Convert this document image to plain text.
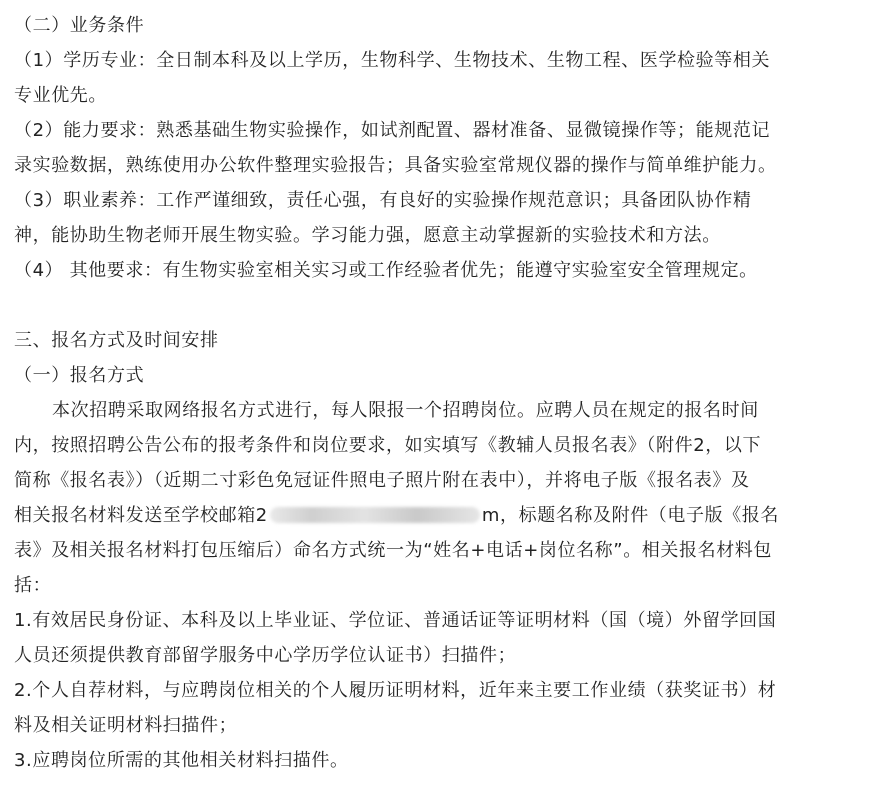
（二）业务条件
（1）学历专业：全日制本科及以上学历，生物科学、生物技术、生物工程、医学检验等相关
专业优先。
（2）能力要求：熟悉基础生物实验操作，如试剂配置、器材准备、显微镜操作等；能规范记
录实验数据，熟练使用办公软件整理实验报告；具备实验室常规仪器的操作与简单维护能力。
（3）职业素养：工作严谨细致，责任心强，有良好的实验操作规范意识；具备团队协作精
神，能协助生物老师开展生物实验。学习能力强，愿意主动掌握新的实验技术和方法。
（4） 其他要求：有生物实验室相关实习或工作经验者优先；能遵守实验室安全管理规定。
三、报名方式及时间安排
（一）报名方式
本次招聘采取网络报名方式进行，每人限报一个招聘岗位。应聘人员在规定的报名时间
内，按照招聘公告公布的报考条件和岗位要求，如实填写《教辅人员报名表》（附件2，以下
简称《报名表》）（近期二寸彩色免冠证件照电子照片附在表中），并将电子版《报名表》及
相关报名材料发送至学校邮箱2	m，标题名称及附件（电子版《报名
表》及相关报名材料打包压缩后）命名方式统一为“姓名+电话+岗位名称”。相关报名材料包
括：
1.有效居民身份证、本科及以上毕业证、学位证、普通话证等证明材料（国（境）外留学回国
人员还须提供教育部留学服务中心学历学位认证书）扫描件；
2.个人自荐材料，与应聘岗位相关的个人履历证明材料，近年来主要工作业绩（获奖证书）材
料及相关证明材料扫描件；
3.应聘岗位所需的其他相关材料扫描件。
